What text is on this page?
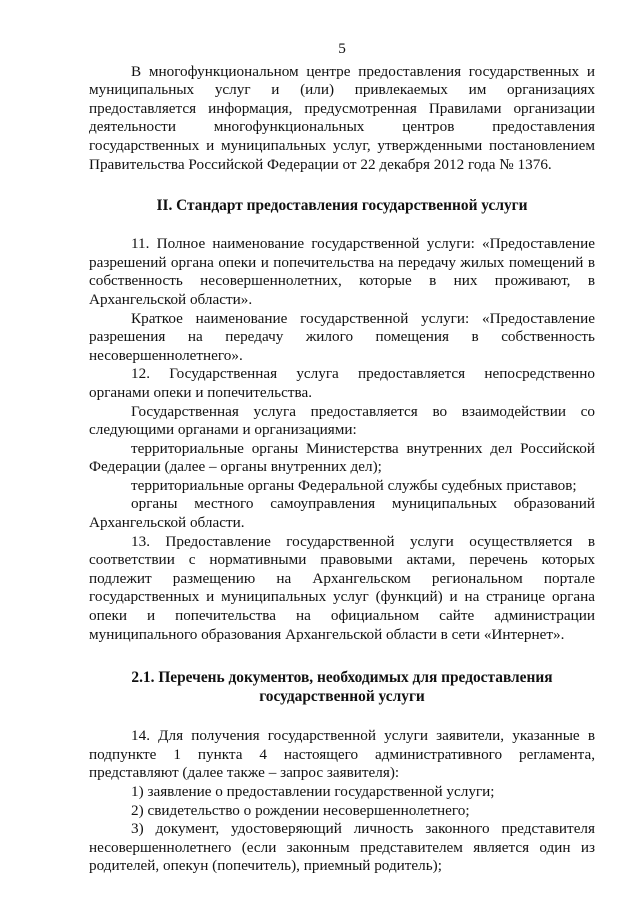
5

В многофункциональном центре предоставления государственных и муниципальных услуг и (или) привлекаемых им организациях предоставляется информация, предусмотренная Правилами организации деятельности многофункциональных центров предоставления государственных и муниципальных услуг, утвержденными постановлением Правительства Российской Федерации от 22 декабря 2012 года № 1376.

II. Стандарт предоставления государственной услуги

11. Полное наименование государственной услуги: «Предоставление разрешений органа опеки и попечительства на передачу жилых помещений в собственность несовершеннолетних, которые в них проживают, в Архангельской области».

Краткое наименование государственной услуги: «Предоставление разрешения на передачу жилого помещения в собственность несовершеннолетнего».

12. Государственная услуга предоставляется непосредственно органами опеки и попечительства.

Государственная услуга предоставляется во взаимодействии со следующими органами и организациями:

территориальные органы Министерства внутренних дел Российской Федерации (далее – органы внутренних дел);

территориальные органы Федеральной службы судебных приставов;

органы местного самоуправления муниципальных образований Архангельской области.

13. Предоставление государственной услуги осуществляется в соответствии с нормативными правовыми актами, перечень которых подлежит размещению на Архангельском региональном портале государственных и муниципальных услуг (функций) и на странице органа опеки и попечительства на официальном сайте администрации муниципального образования Архангельской области в сети «Интернет».

2.1. Перечень документов, необходимых для предоставления государственной услуги

14. Для получения государственной услуги заявители, указанные в подпункте 1 пункта 4 настоящего административного регламента, представляют (далее также – запрос заявителя):

1) заявление о предоставлении государственной услуги;

2) свидетельство о рождении несовершеннолетнего;

3) документ, удостоверяющий личность законного представителя несовершеннолетнего (если законным представителем является один из родителей, опекун (попечитель), приемный родитель);
